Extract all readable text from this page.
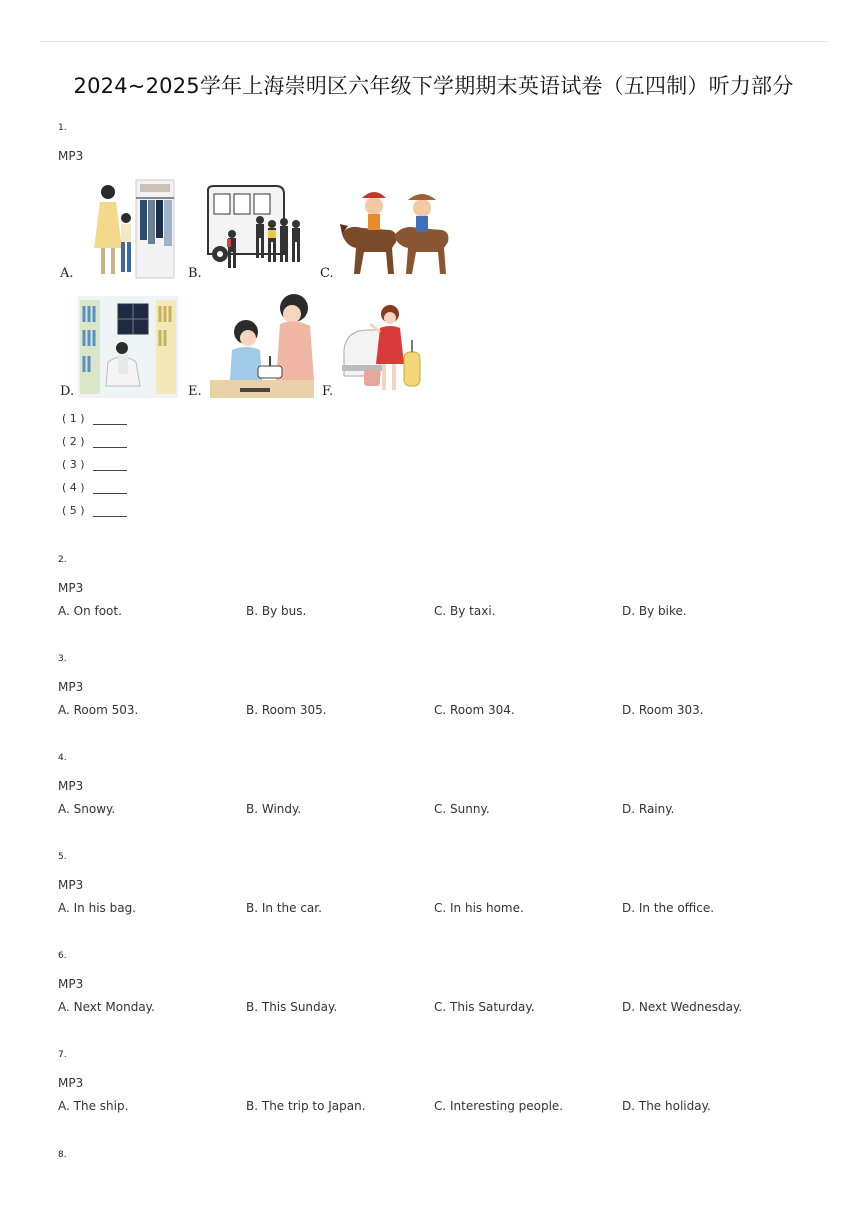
2024~2025学年上海崇明区六年级下学期期末英语试卷（五四制）听力部分
1.
MP3
A.	B.	C.
D.	E.	F.
( 1 )
( 2 )
( 3 )
( 4 )
( 5 )
2.
MP3
A. On foot.	B. By bus.	C. By taxi.	D. By bike.
3.
MP3
A. Room 503.	B. Room 305.	C. Room 304.	D. Room 303.
4.
MP3
A. Snowy.	B. Windy.	C. Sunny.	D. Rainy.
5.
MP3
A. In his bag.	B. In the car.	C. In his home.	D. In the office.
6.
MP3
A. Next Monday.	B. This Sunday.	C. This Saturday.	D. Next Wednesday.
7.
MP3
A. The ship.	B. The trip to Japan.	C. Interesting people.	D. The holiday.
8.
